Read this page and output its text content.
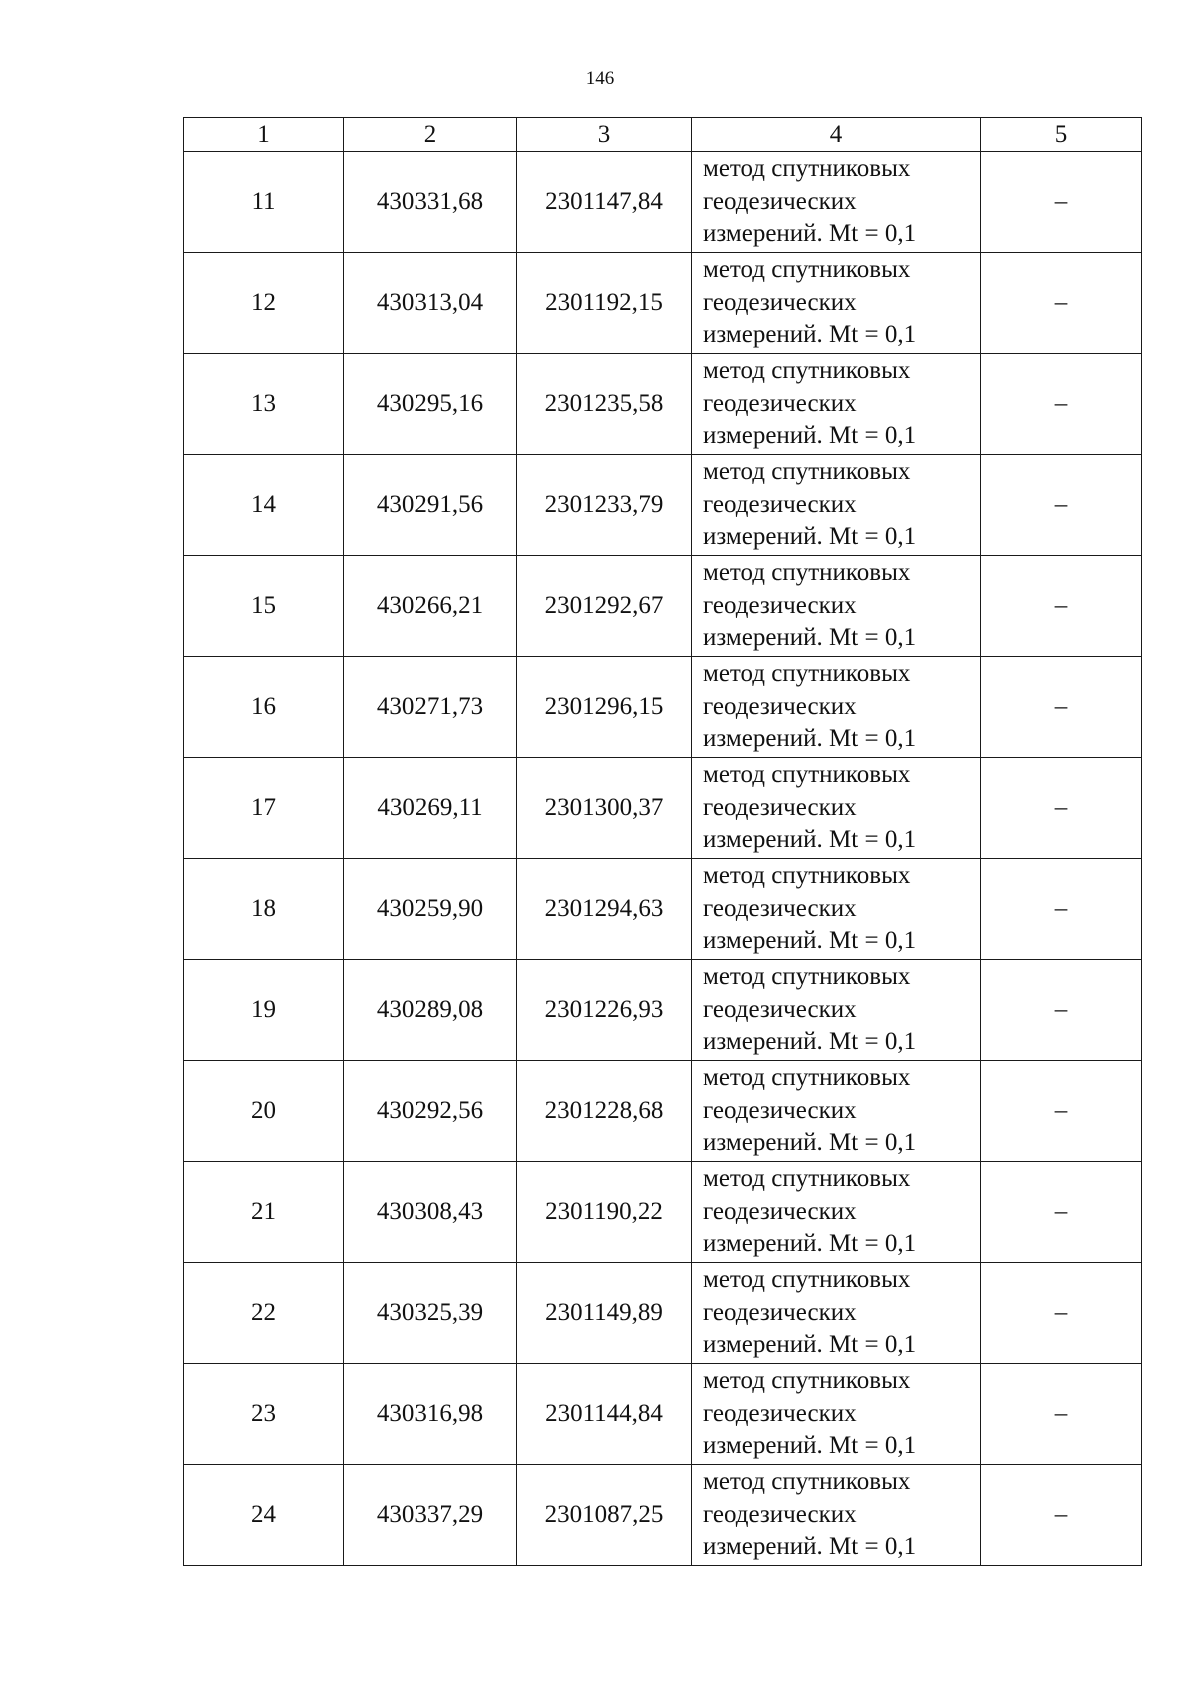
146
1	2	3	4	5
11	430331,68	2301147,84	метод спутниковых
геодезических
измерений. Mt = 0,1	–
12	430313,04	2301192,15	метод спутниковых
геодезических
измерений. Mt = 0,1	–
13	430295,16	2301235,58	метод спутниковых
геодезических
измерений. Mt = 0,1	–
14	430291,56	2301233,79	метод спутниковых
геодезических
измерений. Mt = 0,1	–
15	430266,21	2301292,67	метод спутниковых
геодезических
измерений. Mt = 0,1	–
16	430271,73	2301296,15	метод спутниковых
геодезических
измерений. Mt = 0,1	–
17	430269,11	2301300,37	метод спутниковых
геодезических
измерений. Mt = 0,1	–
18	430259,90	2301294,63	метод спутниковых
геодезических
измерений. Mt = 0,1	–
19	430289,08	2301226,93	метод спутниковых
геодезических
измерений. Mt = 0,1	–
20	430292,56	2301228,68	метод спутниковых
геодезических
измерений. Mt = 0,1	–
21	430308,43	2301190,22	метод спутниковых
геодезических
измерений. Mt = 0,1	–
22	430325,39	2301149,89	метод спутниковых
геодезических
измерений. Mt = 0,1	–
23	430316,98	2301144,84	метод спутниковых
геодезических
измерений. Mt = 0,1	–
24	430337,29	2301087,25	метод спутниковых
геодезических
измерений. Mt = 0,1	–
